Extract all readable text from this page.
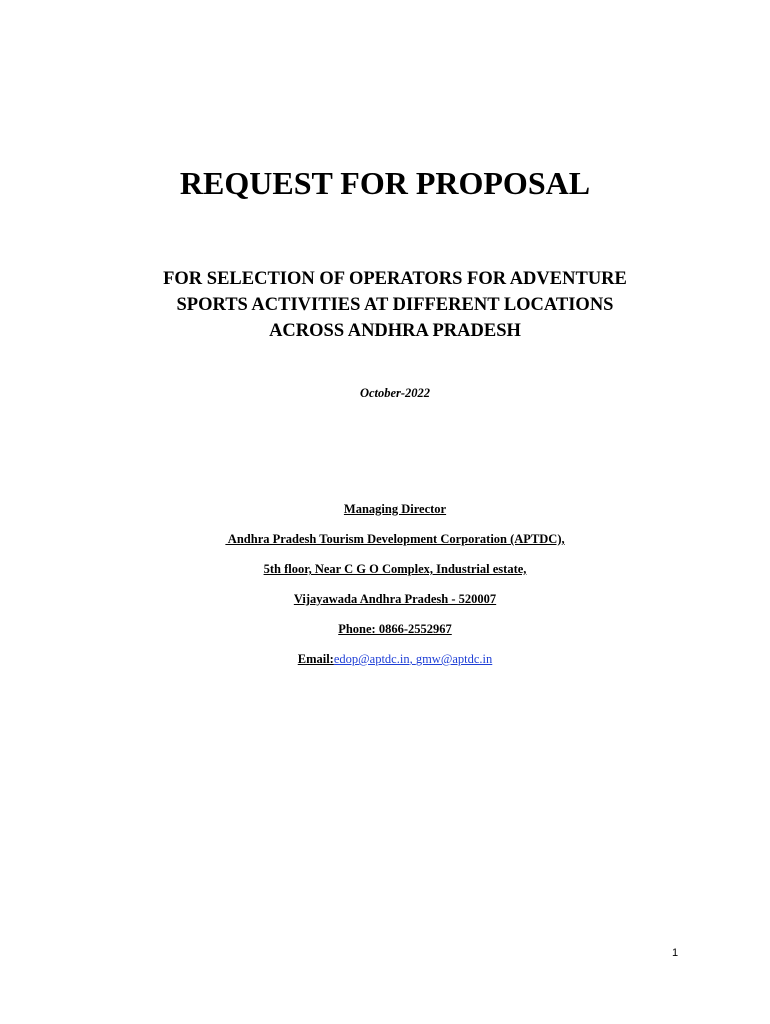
REQUEST FOR PROPOSAL
FOR SELECTION OF OPERATORS FOR ADVENTURE
SPORTS ACTIVITIES AT DIFFERENT LOCATIONS
ACROSS ANDHRA PRADESH

October-2022

Managing Director
Andhra Pradesh Tourism Development Corporation (APTDC),
5th floor, Near C G O Complex, Industrial estate,
Vijayawada Andhra Pradesh - 520007
Phone: 0866-2552967
Email:edop@aptdc.in, gmw@aptdc.in
1
